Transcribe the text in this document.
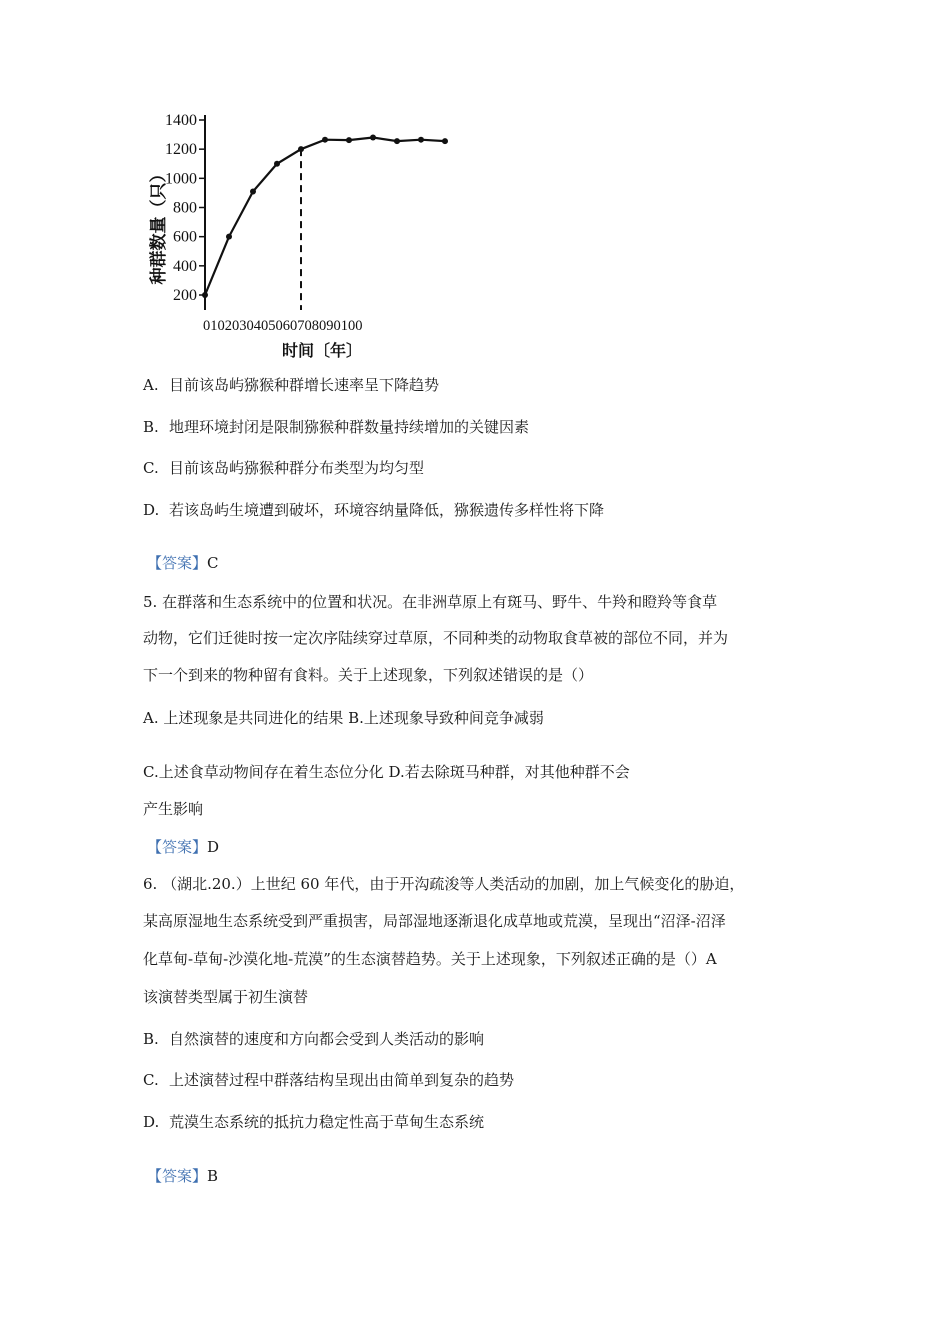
1400
1200
1000
800
600
400
200
种群数量（只）
0102030405060708090100
时间〔年〕
A. 目前该岛屿猕猴种群增长速率呈下降趋势
B. 地理环境封闭是限制猕猴种群数量持续增加的关键因素
C. 目前该岛屿猕猴种群分布类型为均匀型
D. 若该岛屿生境遭到破坏，环境容纳量降低，猕猴遗传多样性将下降
【答案】C
5. 在群落和生态系统中的位置和状况。在非洲草原上有斑马、野牛、牛羚和瞪羚等食草
动物，它们迁徙时按一定次序陆续穿过草原，不同种类的动物取食草被的部位不同，并为
下一个到来的物种留有食料。关于上述现象，下列叙述错误的是（）
A. 上述现象是共同进化的结果 B.上述现象导致种间竞争减弱
C.上述食草动物间存在着生态位分化 D.若去除斑马种群，对其他种群不会
产生影响
【答案】D
6. （湖北.20.）上世纪 60 年代，由于开沟疏浚等人类活动的加剧，加上气候变化的胁迫，
某高原湿地生态系统受到严重损害，局部湿地逐渐退化成草地或荒漠，呈现出“沼泽-沼泽
化草甸-草甸-沙漠化地-荒漠”的生态演替趋势。关于上述现象，下列叙述正确的是（）A
该演替类型属于初生演替
B. 自然演替的速度和方向都会受到人类活动的影响
C. 上述演替过程中群落结构呈现出由简单到复杂的趋势
D. 荒漠生态系统的抵抗力稳定性高于草甸生态系统
【答案】B
